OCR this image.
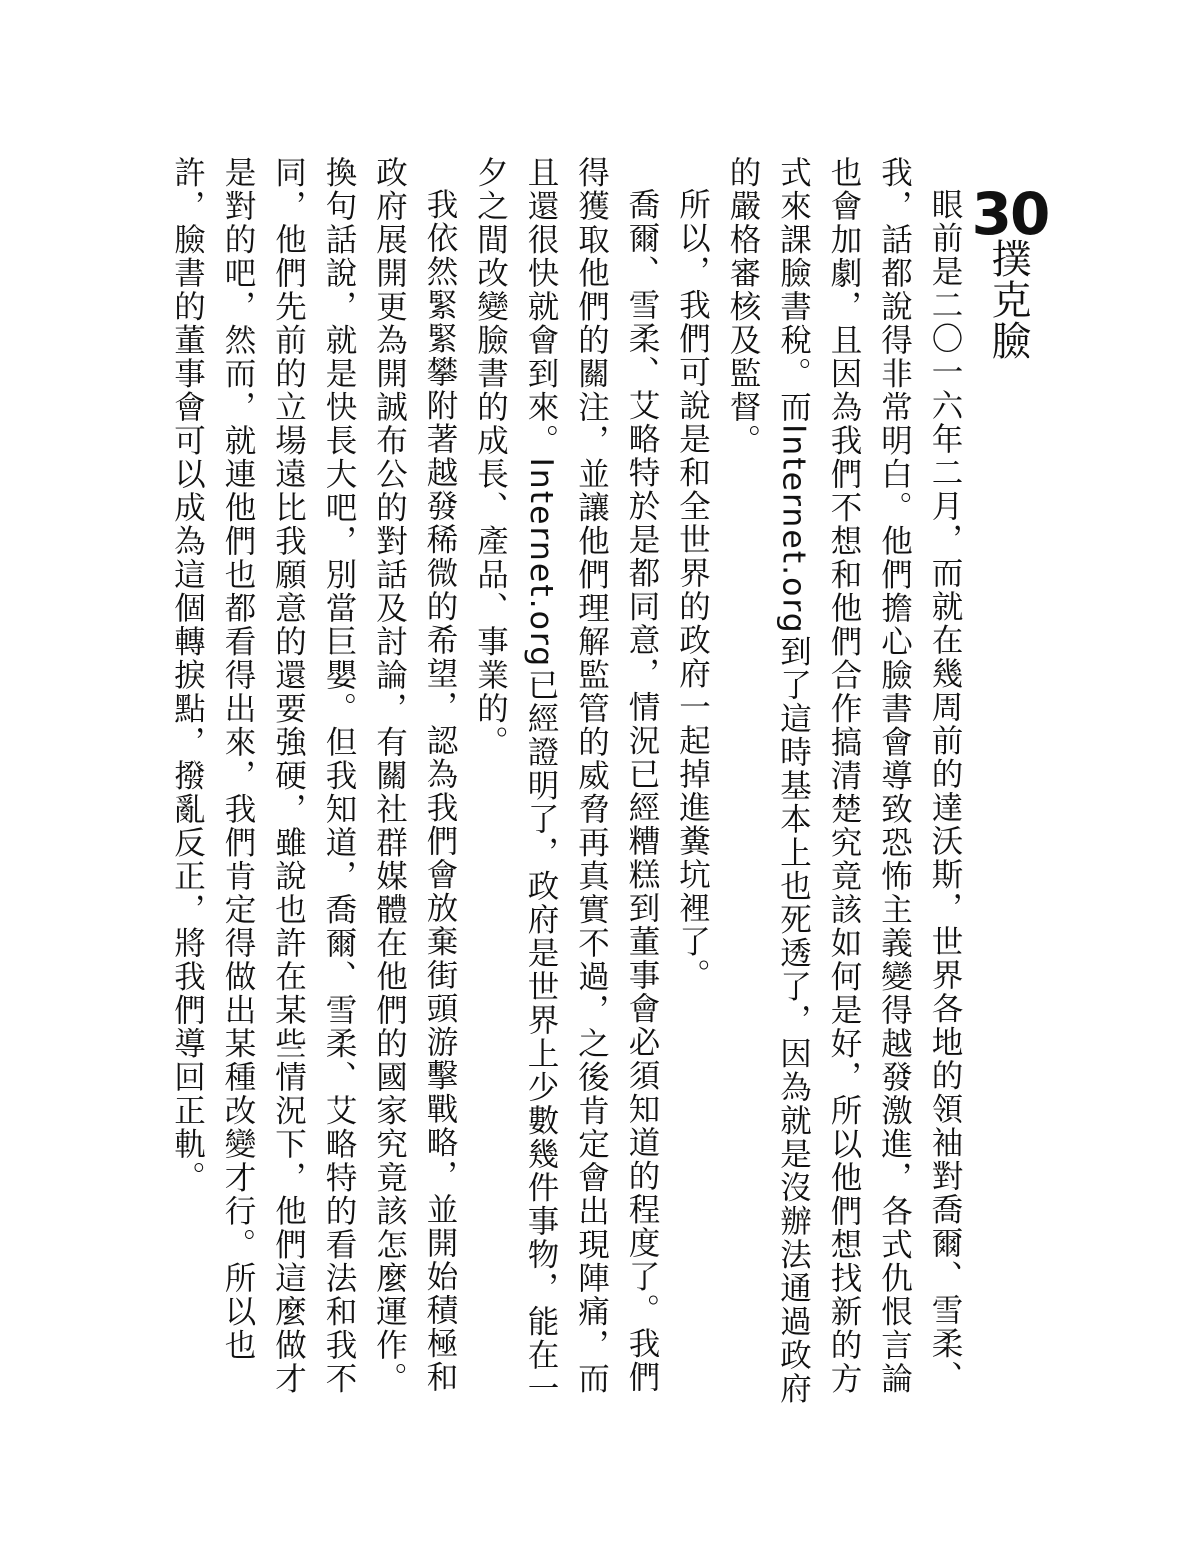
30
撲克臉

眼前是二〇一六年二月，而就在幾周前的達沃斯，世界各地的領袖對喬爾、雪柔、我，話都說得非常明白。他們擔心臉書會導致恐怖主義變得越發激進，各式仇恨言論也會加劇，且因為我們不想和他們合作搞清楚究竟該如何是好，所以他們想找新的方式來課臉書稅。而Internet.org到了這時基本上也死透了，因為就是沒辦法通過政府的嚴格審核及監督。

所以，我們可說是和全世界的政府一起掉進糞坑裡了。

喬爾、雪柔、艾略特於是都同意，情況已經糟糕到董事會必須知道的程度了。我們得獲取他們的關注，並讓他們理解監管的威脅再真實不過，之後肯定會出現陣痛，而且還很快就會到來。Internet.org已經證明了，政府是世界上少數幾件事物，能在一夕之間改變臉書的成長、產品、事業的。

我依然緊緊攀附著越發稀微的希望，認為我們會放棄街頭游擊戰略，並開始積極和政府展開更為開誠布公的對話及討論，有關社群媒體在他們的國家究竟該怎麼運作。換句話說，就是快長大吧，別當巨嬰。但我知道，喬爾、雪柔、艾略特的看法和我不同，他們先前的立場遠比我願意的還要強硬，雖說也許在某些情況下，他們這麼做才是對的吧，然而，就連他們也都看得出來，我們肯定得做出某種改變才行。所以也許，臉書的董事會可以成為這個轉捩點，撥亂反正，將我們導回正軌。
